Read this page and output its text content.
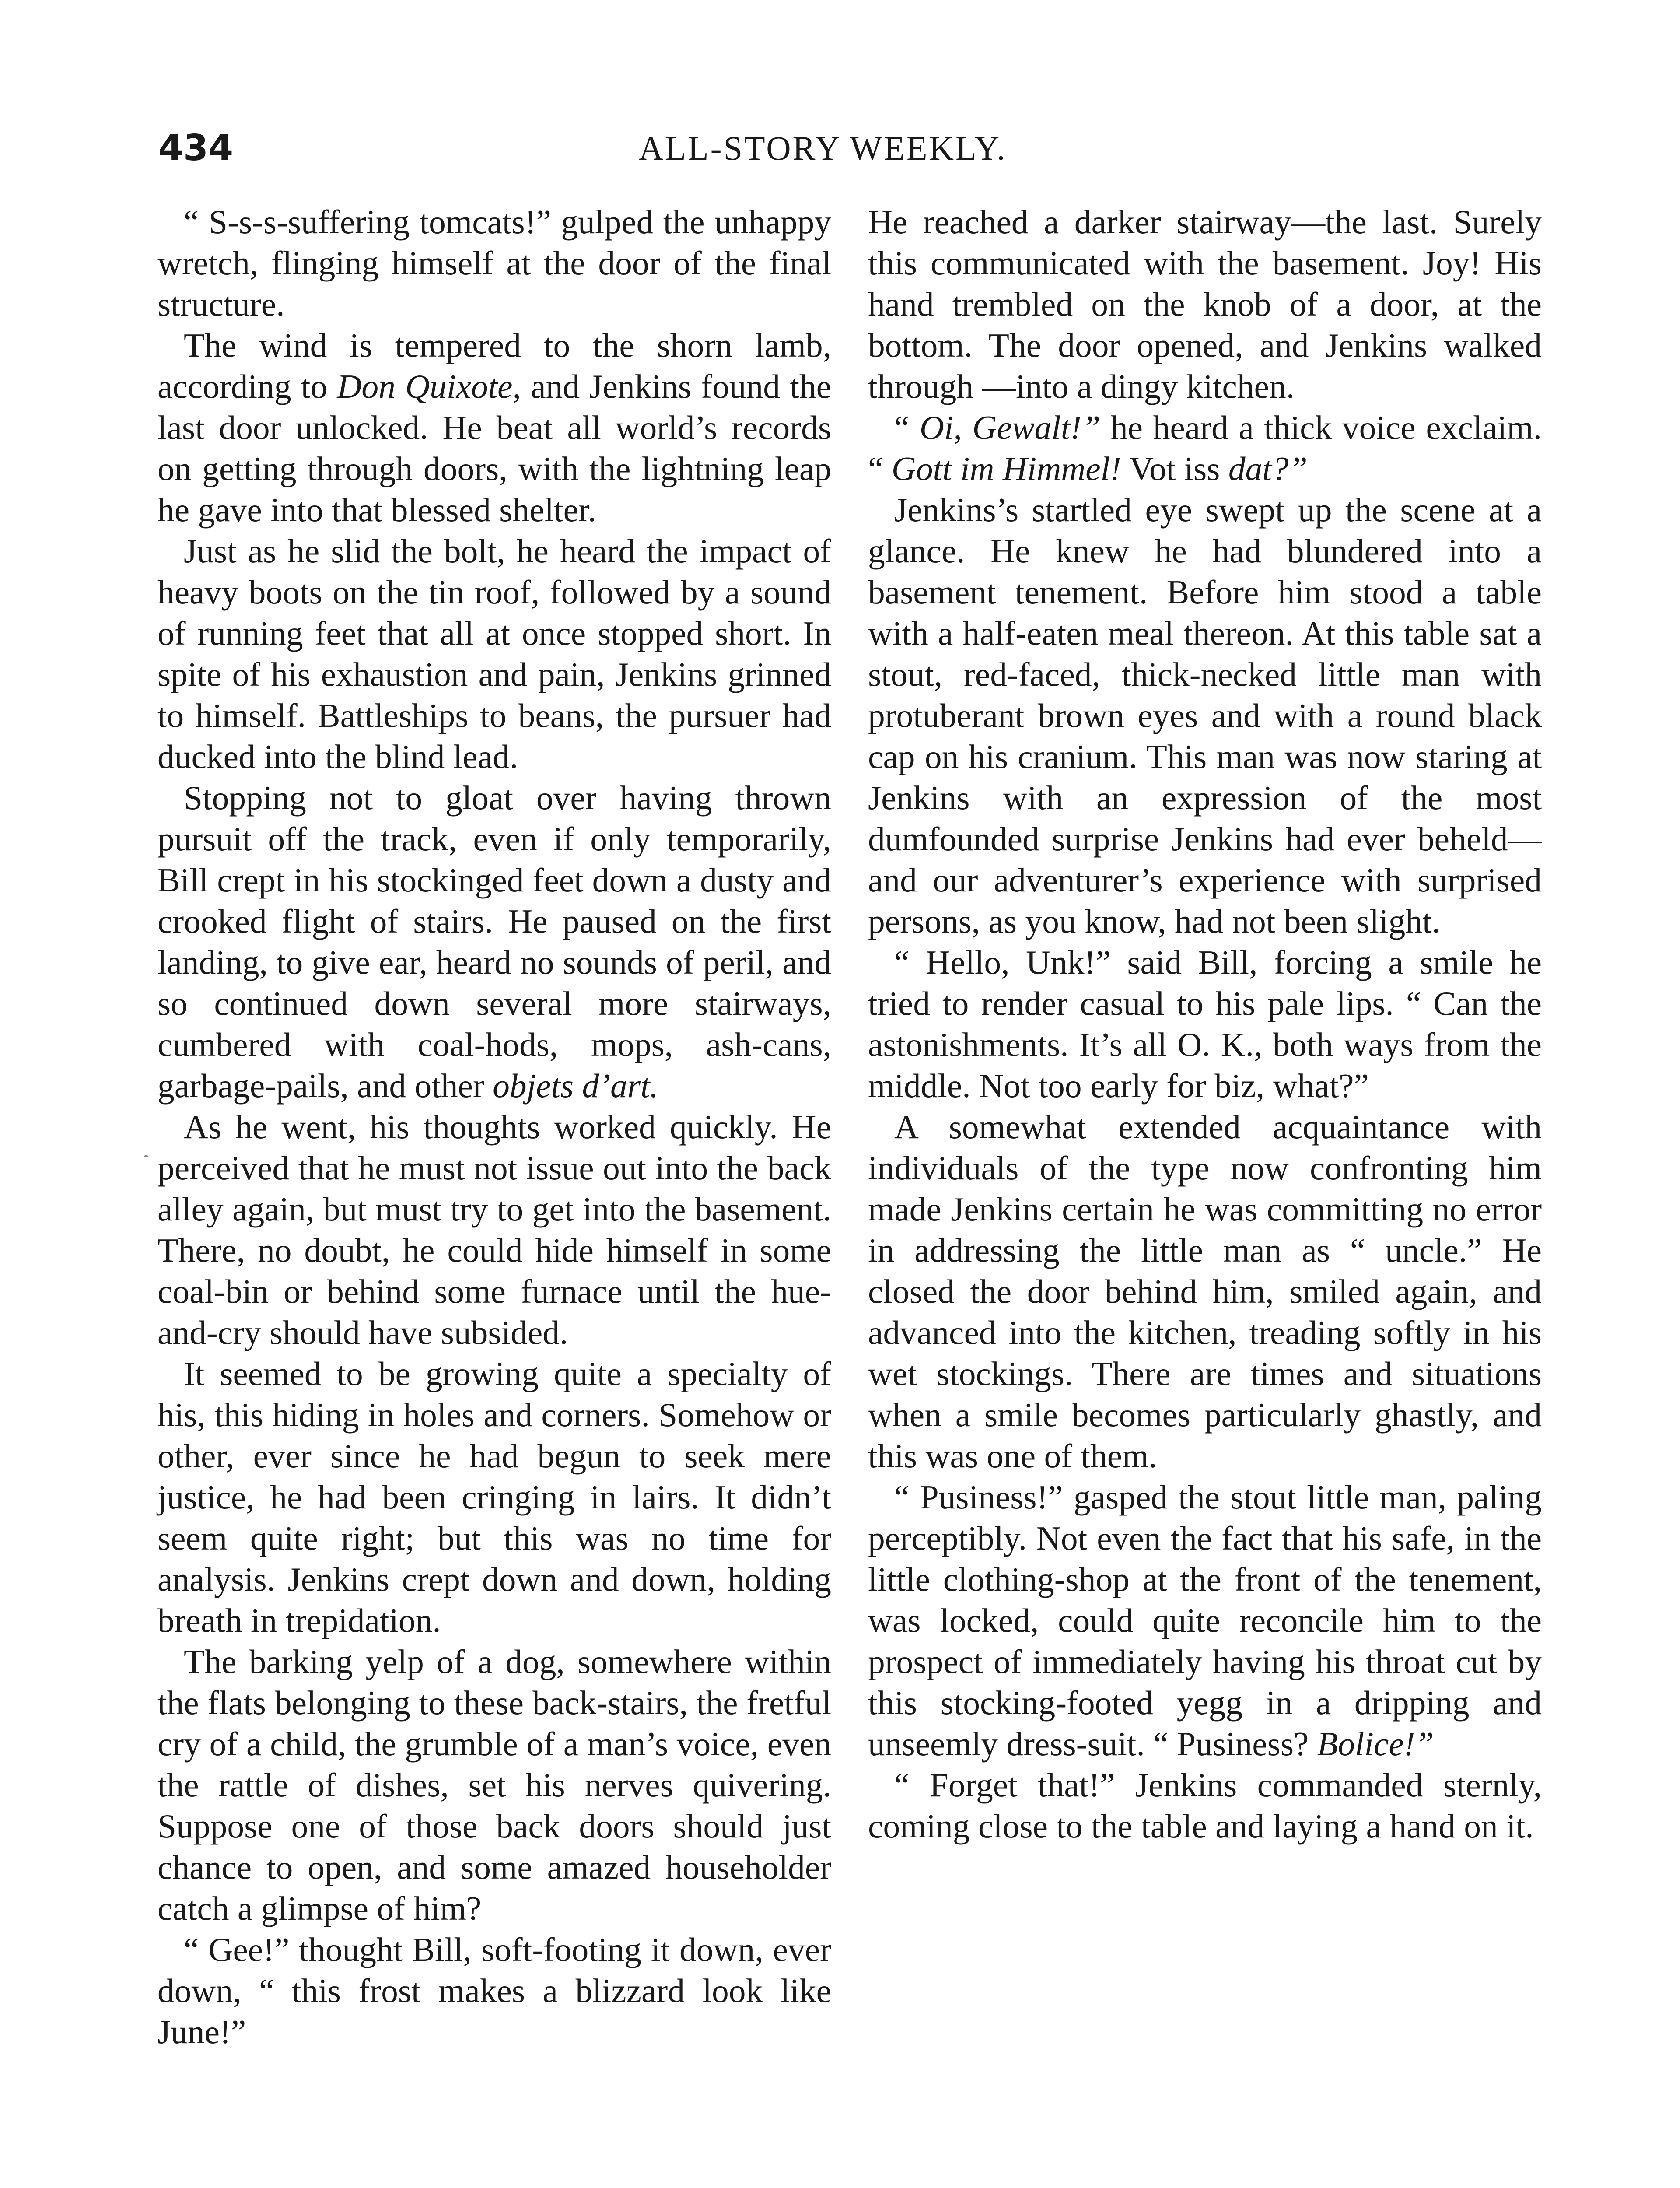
434	ALL-STORY WEEKLY.

“ S-s-s-suffering tomcats!” gulped the unhappy wretch, flinging himself at the door of the final structure.

The wind is tempered to the shorn lamb, according to Don Quixote, and Jenkins found the last door unlocked. He beat all world’s records on getting through doors, with the lightning leap he gave into that blessed shelter.

Just as he slid the bolt, he heard the impact of heavy boots on the tin roof, followed by a sound of running feet that all at once stopped short. In spite of his exhaustion and pain, Jenkins grinned to himself. Battleships to beans, the pursuer had ducked into the blind lead.

Stopping not to gloat over having thrown pursuit off the track, even if only temporarily, Bill crept in his stockinged feet down a dusty and crooked flight of stairs. He paused on the first landing, to give ear, heard no sounds of peril, and so continued down several more stairways, cumbered with coal-hods, mops, ash-cans, garbage-pails, and other objets d’art.

As he went, his thoughts worked quickly. He perceived that he must not issue out into the back alley again, but must try to get into the basement. There, no doubt, he could hide himself in some coal-bin or behind some furnace until the hue-and-cry should have subsided.

It seemed to be growing quite a specialty of his, this hiding in holes and corners. Somehow or other, ever since he had begun to seek mere justice, he had been cringing in lairs. It didn’t seem quite right; but this was no time for analysis. Jenkins crept down and down, holding breath in trepidation.

The barking yelp of a dog, somewhere within the flats belonging to these back-stairs, the fretful cry of a child, the grumble of a man’s voice, even the rattle of dishes, set his nerves quivering. Suppose one of those back doors should just chance to open, and some amazed householder catch a glimpse of him?

“ Gee!” thought Bill, soft-footing it down, ever down, “ this frost makes a blizzard look like June!”

He reached a darker stairway—the last. Surely this communicated with the basement. Joy! His hand trembled on the knob of a door, at the bottom. The door opened, and Jenkins walked through —into a dingy kitchen.

“ Oi, Gewalt!” he heard a thick voice exclaim. “ Gott im Himmel! Vot iss dat?”

Jenkins’s startled eye swept up the scene at a glance. He knew he had blundered into a basement tenement. Before him stood a table with a half-eaten meal thereon. At this table sat a stout, red-faced, thick-necked little man with protuberant brown eyes and with a round black cap on his cranium. This man was now staring at Jenkins with an expression of the most dumfounded surprise Jenkins had ever beheld—and our adventurer’s experience with surprised persons, as you know, had not been slight.

“ Hello, Unk!” said Bill, forcing a smile he tried to render casual to his pale lips. “ Can the astonishments. It’s all O. K., both ways from the middle. Not too early for biz, what?”

A somewhat extended acquaintance with individuals of the type now confronting him made Jenkins certain he was committing no error in addressing the little man as “ uncle.” He closed the door behind him, smiled again, and advanced into the kitchen, treading softly in his wet stockings. There are times and situations when a smile becomes particularly ghastly, and this was one of them.

“ Pusiness!” gasped the stout little man, paling perceptibly. Not even the fact that his safe, in the little clothing-shop at the front of the tenement, was locked, could quite reconcile him to the prospect of immediately having his throat cut by this stocking-footed yegg in a dripping and unseemly dress-suit. “ Pusiness? Bolice!”

“ Forget that!” Jenkins commanded sternly, coming close to the table and laying a hand on it.
